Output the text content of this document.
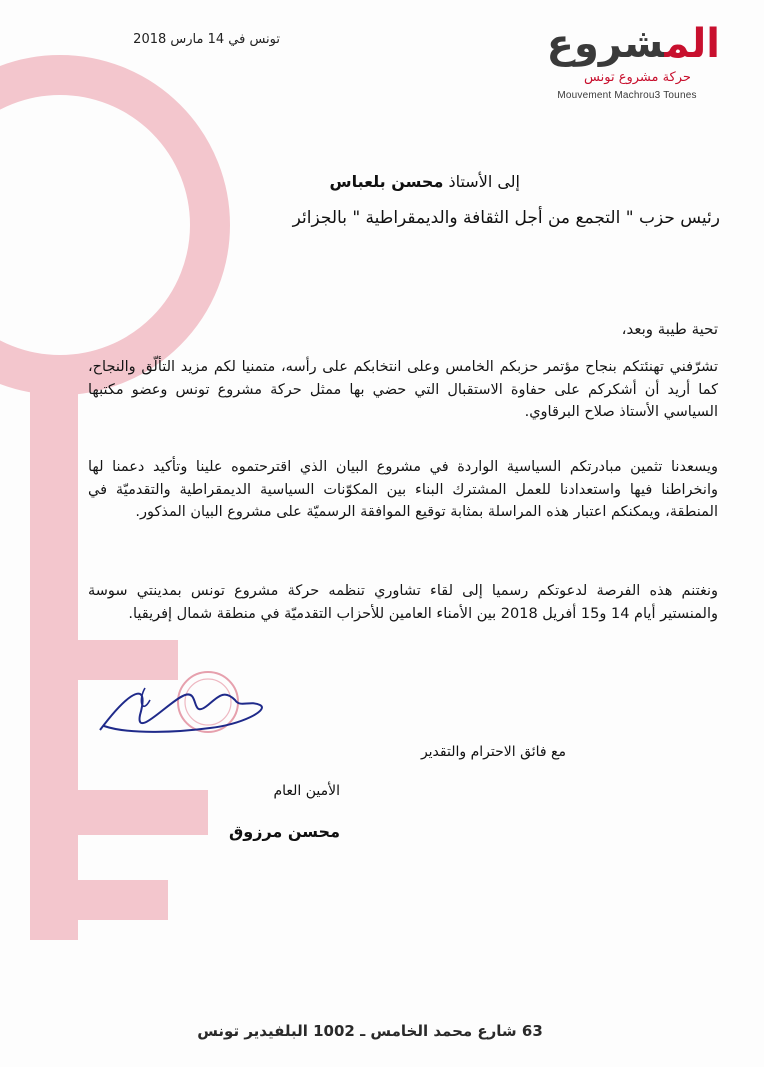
المشروع
حركة مشروع تونس
Mouvement Machrou3 Tounes
تونس في 14 مارس 2018
إلى الأستاذ محسن بلعباس
رئيس حزب " التجمع من أجل الثقافة والديمقراطية " بالجزائر
تحية طيبة وبعد،
تشرّفني تهنئتكم بنجاح مؤتمر حزبكم الخامس وعلى انتخابكم على رأسه، متمنيا لكم مزيد التألّق والنجاح، كما أريد أن أشكركم على حفاوة الاستقبال التي حضي بها ممثل حركة مشروع تونس وعضو مكتبها السياسي الأستاذ صلاح البرقاوي.
ويسعدنا تثمين مبادرتكم السياسية الواردة في مشروع البيان الذي اقترحتموه علينا وتأكيد دعمنا لها وانخراطنا فيها واستعدادنا للعمل المشترك البناء بين المكوّنات السياسية الديمقراطية والتقدميّة في المنطقة، ويمكنكم اعتبار هذه المراسلة بمثابة توقيع الموافقة الرسميّة على مشروع البيان المذكور.
ونغتنم هذه الفرصة لدعوتكم رسميا إلى لقاء تشاوري تنظمه حركة مشروع تونس بمدينتي سوسة والمنستير أيام 14 و15 أفريل 2018 بين الأمناء العامين للأحزاب التقدميّة في منطقة شمال إفريقيا.
مع فائق الاحترام والتقدير
الأمين العام
محسن مرزوق
63 شارع محمد الخامس ـ 1002 البلفيدير تونس
